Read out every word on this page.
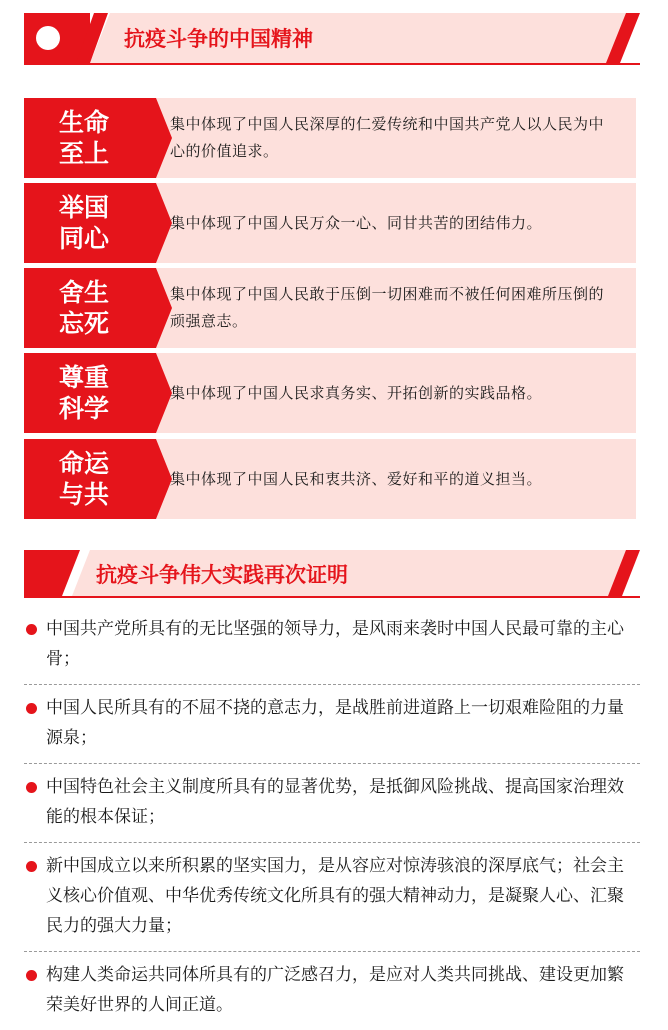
抗疫斗争的中国精神
生命
至上
集中体现了中国人民深厚的仁爱传统和中国共产党人以人民为中心的价值追求。
举国
同心
集中体现了中国人民万众一心、同甘共苦的团结伟力。
舍生
忘死
集中体现了中国人民敢于压倒一切困难而不被任何困难所压倒的顽强意志。
尊重
科学
集中体现了中国人民求真务实、开拓创新的实践品格。
命运
与共
集中体现了中国人民和衷共济、爱好和平的道义担当。
抗疫斗争伟大实践再次证明
中国共产党所具有的无比坚强的领导力，是风雨来袭时中国人民最可靠的主心骨；
中国人民所具有的不屈不挠的意志力，是战胜前进道路上一切艰难险阻的力量源泉；
中国特色社会主义制度所具有的显著优势，是抵御风险挑战、提高国家治理效能的根本保证；
新中国成立以来所积累的坚实国力，是从容应对惊涛骇浪的深厚底气；社会主义核心价值观、中华优秀传统文化所具有的强大精神动力，是凝聚人心、汇聚民力的强大力量；
构建人类命运共同体所具有的广泛感召力，是应对人类共同挑战、建设更加繁荣美好世界的人间正道。
